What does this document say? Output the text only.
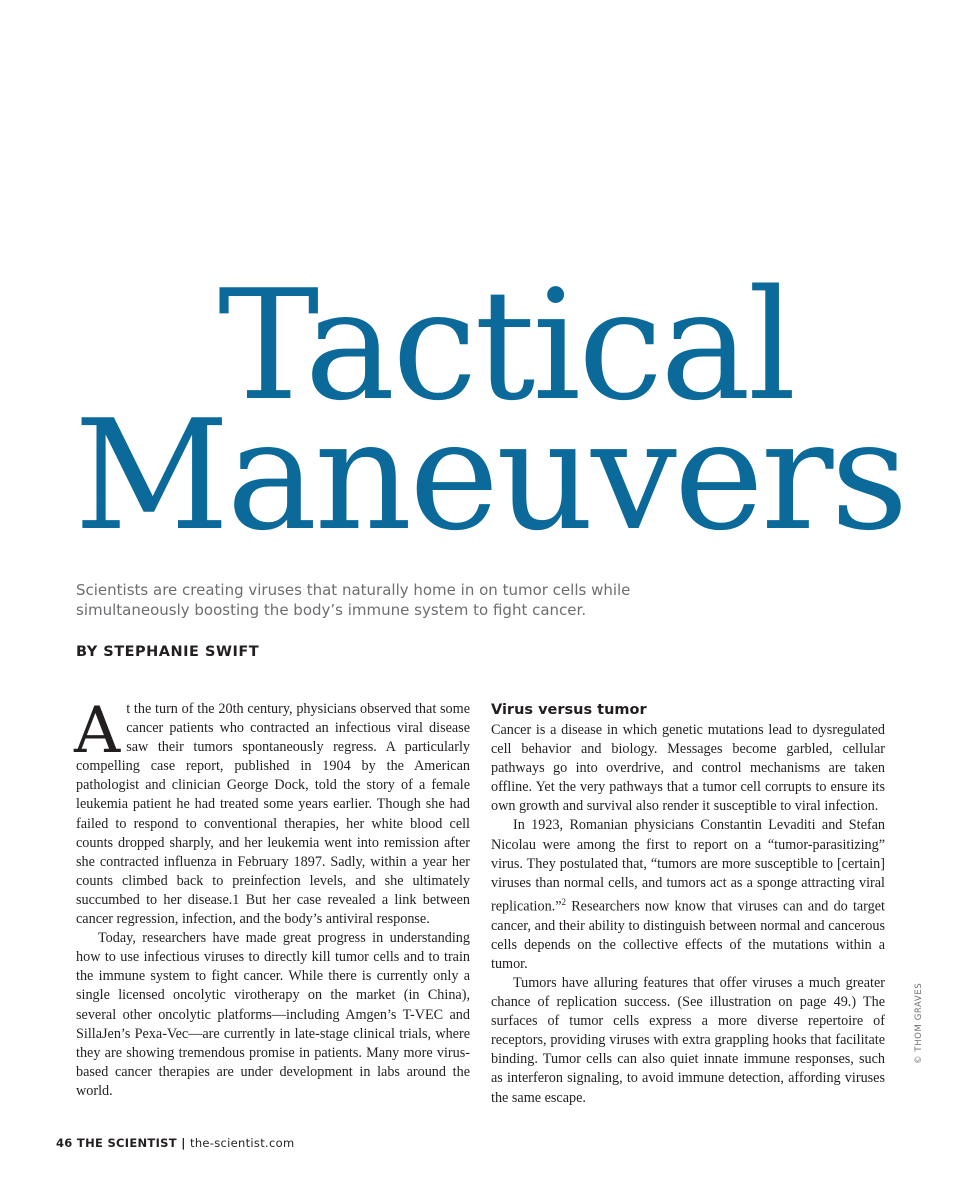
Tactical
Maneuvers

Scientists are creating viruses that naturally home in on tumor cells while simultaneously boosting the body’s immune system to fight cancer.

BY STEPHANIE SWIFT

At the turn of the 20th century, physicians observed that some cancer patients who contracted an infectious viral disease saw their tumors spontaneously regress. A particularly compelling case report, published in 1904 by the American pathologist and clinician George Dock, told the story of a female leukemia patient he had treated some years earlier. Though she had failed to respond to conventional therapies, her white blood cell counts dropped sharply, and her leukemia went into remission after she contracted influenza in February 1897. Sadly, within a year her counts climbed back to preinfection levels, and she ultimately succumbed to her disease.1 But her case revealed a link between cancer regression, infection, and the body’s antiviral response.

Today, researchers have made great progress in understanding how to use infectious viruses to directly kill tumor cells and to train the immune system to fight cancer. While there is currently only a single licensed oncolytic virotherapy on the market (in China), several other oncolytic platforms—including Amgen’s T-VEC and SillaJen’s Pexa-Vec—are currently in late-stage clinical trials, where they are showing tremendous promise in patients. Many more virus-based cancer therapies are under development in labs around the world.

Virus versus tumor

Cancer is a disease in which genetic mutations lead to dysregulated cell behavior and biology. Messages become garbled, cellular pathways go into overdrive, and control mechanisms are taken offline. Yet the very pathways that a tumor cell corrupts to ensure its own growth and survival also render it susceptible to viral infection.

In 1923, Romanian physicians Constantin Levaditi and Stefan Nicolau were among the first to report on a “tumor-parasitizing” virus. They postulated that, “tumors are more susceptible to [certain] viruses than normal cells, and tumors act as a sponge attracting viral replication.”$^2$ Researchers now know that viruses can and do target cancer, and their ability to distinguish between normal and cancerous cells depends on the collective effects of the mutations within a tumor.

Tumors have alluring features that offer viruses a much greater chance of replication success. (See illustration on page 49.) The surfaces of tumor cells express a more diverse repertoire of receptors, providing viruses with extra grappling hooks that facilitate binding. Tumor cells can also quiet innate immune responses, such as interferon signaling, to avoid immune detection, affording viruses the same escape.

46 THE SCIENTIST | the-scientist.com

© THOM GRAVES
